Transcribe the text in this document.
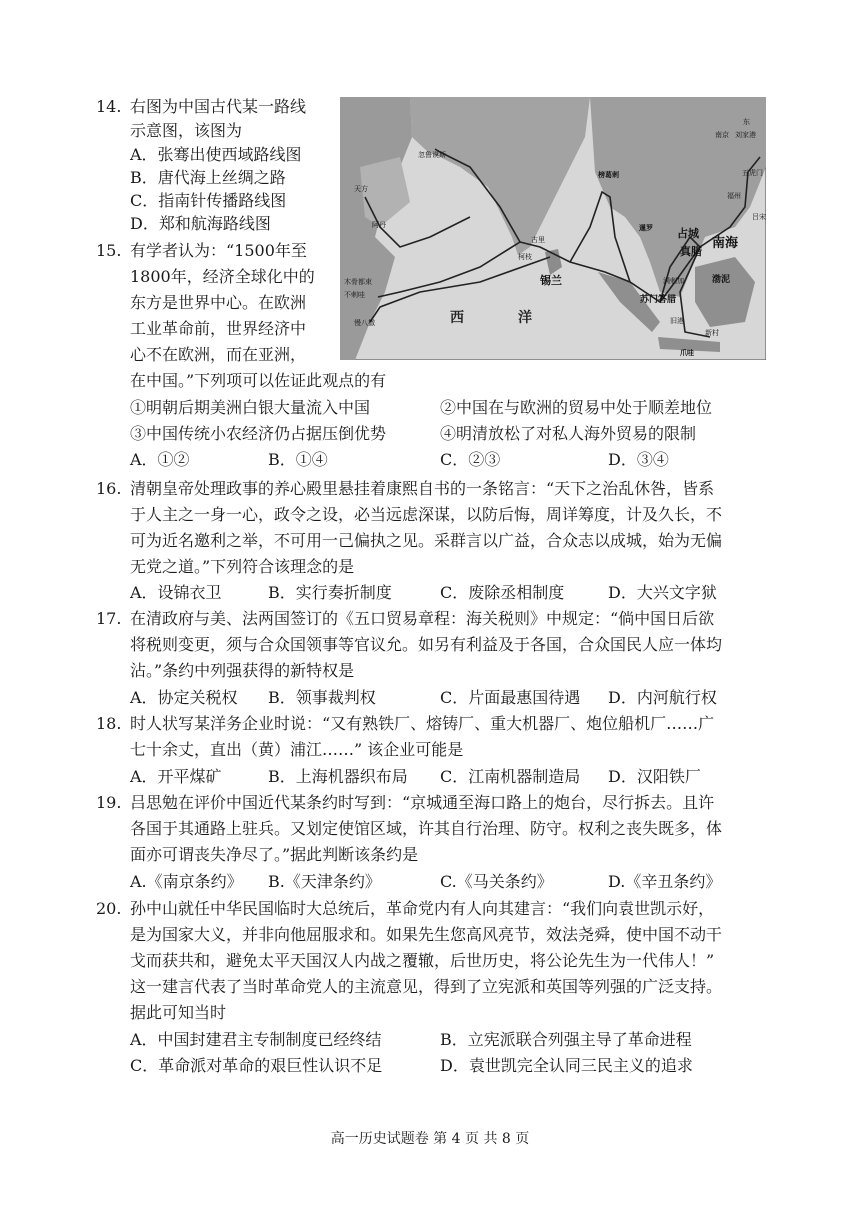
14. 右图为中国古代某一路线
示意图，该图为
A．张骞出使西域路线图
B．唐代海上丝绸之路
C．指南针传播路线图
D．郑和航海路线图
忽鲁谟斯
天方
阿丹
木骨都束
不剌哇
慢八撒
古里
柯枝
榜葛剌
暹罗
福州
南京 刘家港
东
五虎门
吕宋
满剌加
旧港
新村
爪哇
锡兰
占城
真腊
南海
渤泥
苏门答腊
西	洋
15. 有学者认为：“1500年至
1800年，经济全球化中的
东方是世界中心。在欧洲
工业革命前，世界经济中
心不在欧洲，而在亚洲，
在中国。”下列项可以佐证此观点的有
①明朝后期美洲白银大量流入中国	②中国在与欧洲的贸易中处于顺差地位
③中国传统小农经济仍占据压倒优势	④明清放松了对私人海外贸易的限制
A．①②	B．①④	C．②③	D．③④
16. 清朝皇帝处理政事的养心殿里悬挂着康熙自书的一条铭言：“天下之治乱休咎，皆系
于人主之一身一心，政令之设，必当远虑深谋，以防后悔，周详筹度，计及久长，不
可为近名邀利之举，不可用一己偏执之见。采群言以广益，合众志以成城，始为无偏
无党之道。”下列符合该理念的是
A．设锦衣卫	B．实行奏折制度	C．废除丞相制度	D．大兴文字狱
17. 在清政府与美、法两国签订的《五口贸易章程：海关税则》中规定：“倘中国日后欲
将税则变更，须与合众国领事等官议允。如另有利益及于各国，合众国民人应一体均
沾。”条约中列强获得的新特权是
A．协定关税权 B．领事裁判权	C．片面最惠国待遇 D．内河航行权
18. 时人状写某洋务企业时说：“又有熟铁厂、熔铸厂、重大机器厂、炮位船机厂……广
七十余丈，直出（黄）浦江……” 该企业可能是
A．开平煤矿	B．上海机器织布局 C．江南机器制造局 D．汉阳铁厂
19. 吕思勉在评价中国近代某条约时写到：“京城通至海口路上的炮台，尽行拆去。且许
各国于其通路上驻兵。又划定使馆区域，许其自行治理、防守。权利之丧失既多，体
面亦可谓丧失净尽了。”据此判断该条约是
A.《南京条约》 B.《天津条约》	C.《马关条约》	D.《辛丑条约》
20. 孙中山就任中华民国临时大总统后，革命党内有人向其建言：“我们向袁世凯示好，
是为国家大义，并非向他屈服求和。如果先生您高风亮节，效法尧舜，使中国不动干
戈而获共和，避免太平天国汉人内战之覆辙，后世历史，将公论先生为一代伟人！”
这一建言代表了当时革命党人的主流意见，得到了立宪派和英国等列强的广泛支持。
据此可知当时
A．中国封建君主专制制度已经终结	B．立宪派联合列强主导了革命进程
C．革命派对革命的艰巨性认识不足	D．袁世凯完全认同三民主义的追求
高一历史试题卷 第 4 页 共 8 页
